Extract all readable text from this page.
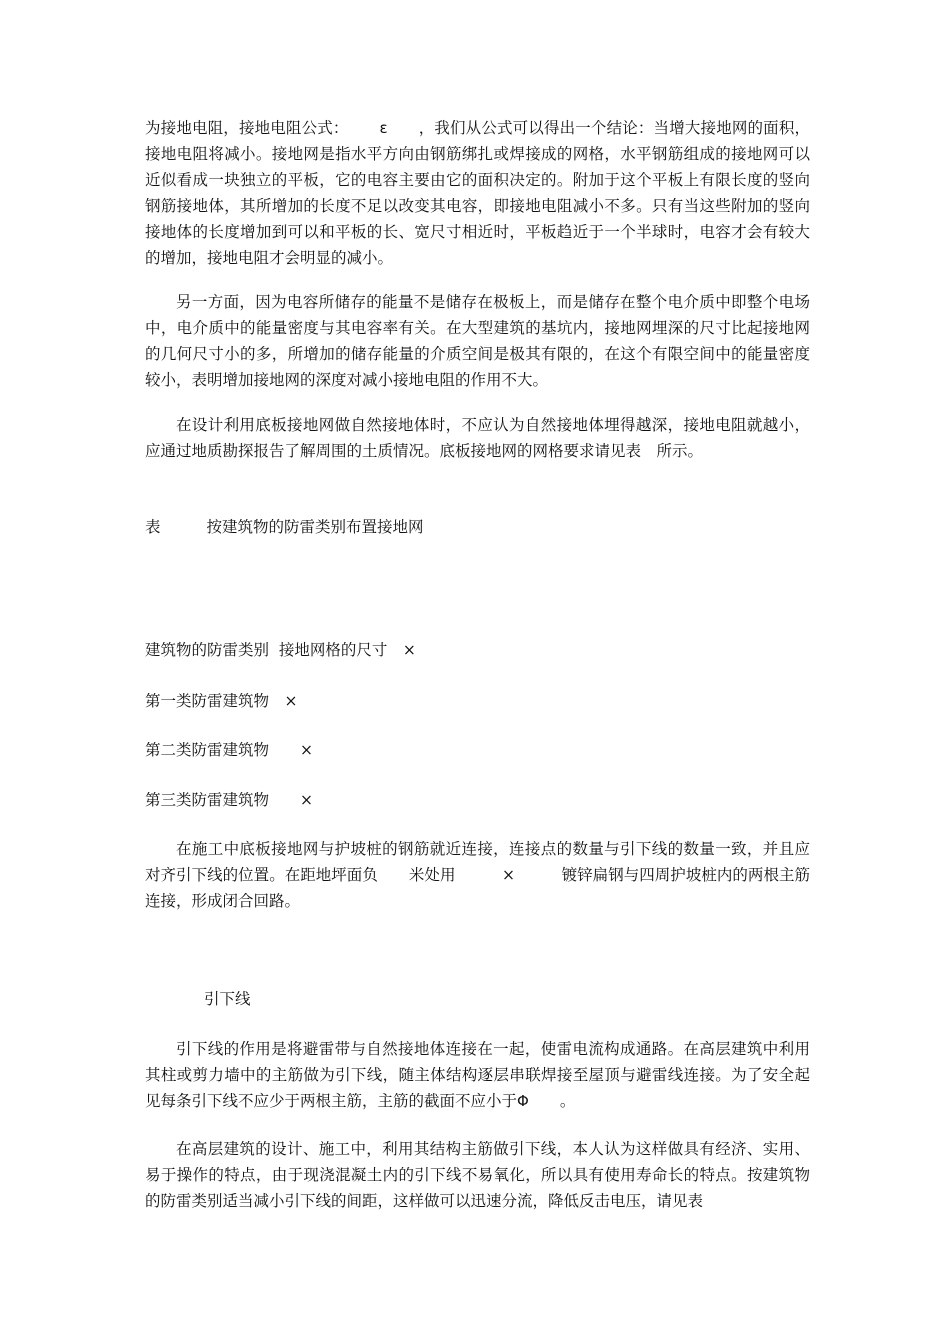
为接地电阻，接地电阻公式： ε ，我们从公式可以得出一个结论：当增大接地网的面积，接地电阻将减小。接地网是指水平方向由钢筋绑扎或焊接成的网格，水平钢筋组成的接地网可以近似看成一块独立的平板，它的电容主要由它的面积决定的。附加于这个平板上有限长度的竖向钢筋接地体，其所增加的长度不足以改变其电容，即接地电阻减小不多。只有当这些附加的竖向接地体的长度增加到可以和平板的长、宽尺寸相近时，平板趋近于一个半球时，电容才会有较大的增加，接地电阻才会明显的减小。

另一方面，因为电容所储存的能量不是储存在极板上，而是储存在整个电介质中即整个电场中，电介质中的能量密度与其电容率有关。在大型建筑的基坑内，接地网埋深的尺寸比起接地网的几何尺寸小的多，所增加的储存能量的介质空间是极其有限的，在这个有限空间中的能量密度较小，表明增加接地网的深度对减小接地电阻的作用不大。

在设计利用底板接地网做自然接地体时，不应认为自然接地体埋得越深，接地电阻就越小，应通过地质勘探报告了解周围的土质情况。底板接地网的网格要求请见表　所示。

表	按建筑物的防雷类别布置接地网
建筑物的防雷类别  接地网格的尺寸　×
第一类防雷建筑物　×
第二类防雷建筑物　　×
第三类防雷建筑物　　×

在施工中底板接地网与护坡桩的钢筋就近连接，连接点的数量与引下线的数量一致，并且应对齐引下线的位置。在距地坪面负　　米处用　　　×　　　镀锌扁钢与四周护坡桩内的两根主筋连接，形成闭合回路。

引下线

引下线的作用是将避雷带与自然接地体连接在一起，使雷电流构成通路。在高层建筑中利用其柱或剪力墙中的主筋做为引下线，随主体结构逐层串联焊接至屋顶与避雷线连接。为了安全起见每条引下线不应少于两根主筋，主筋的截面不应小于Φ　　。

在高层建筑的设计、施工中，利用其结构主筋做引下线，本人认为这样做具有经济、实用、易于操作的特点，由于现浇混凝土内的引下线不易氧化，所以具有使用寿命长的特点。按建筑物的防雷类别适当减小引下线的间距，这样做可以迅速分流，降低反击电压，请见表
